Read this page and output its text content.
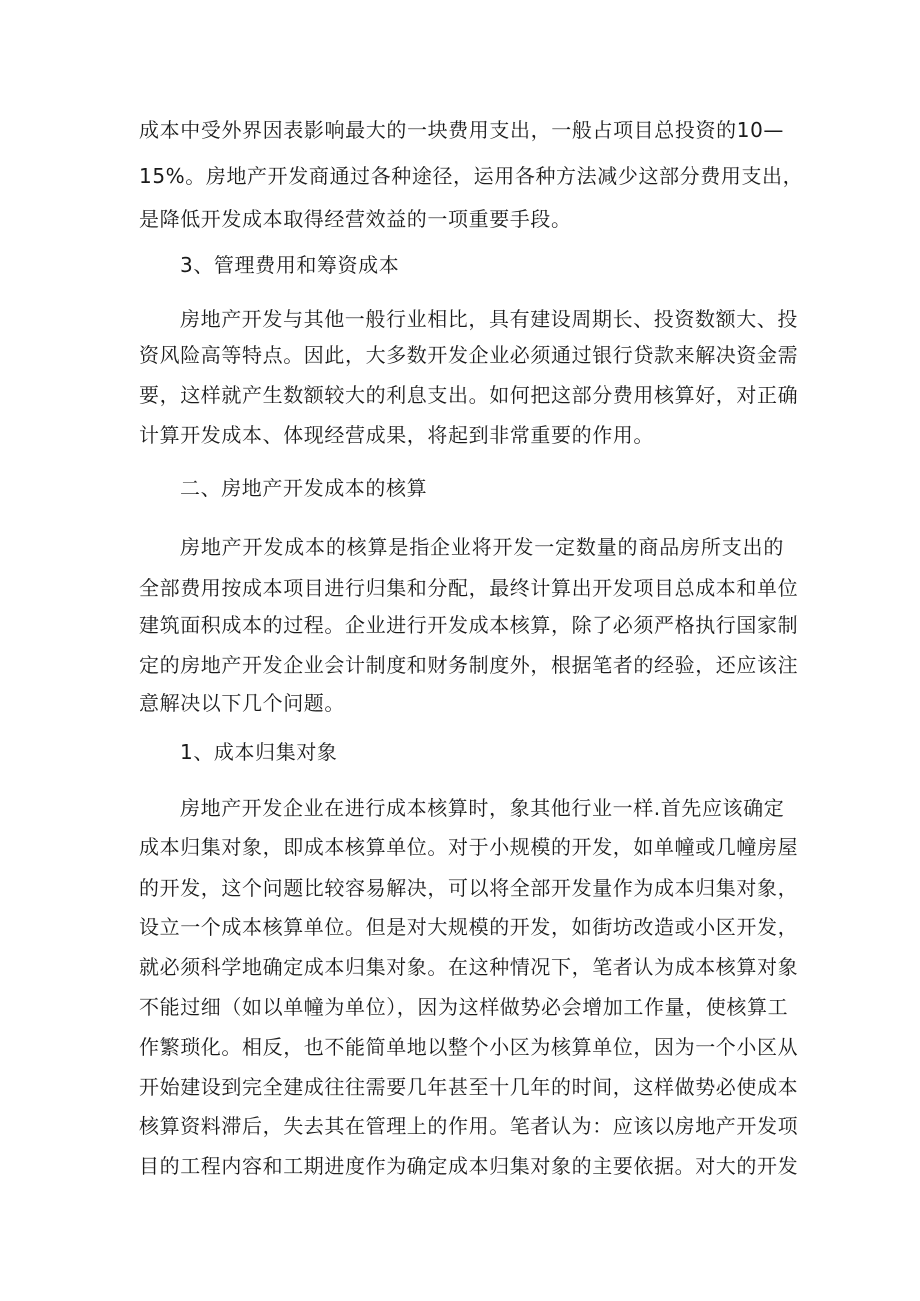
成本中受外界因表影响最大的一块费用支出，一般占项目总投资的10—
15%。房地产开发商通过各种途径，运用各种方法减少这部分费用支出，
是降低开发成本取得经营效益的一项重要手段。
3、管理费用和筹资成本
房地产开发与其他一般行业相比，具有建设周期长、投资数额大、投
资风险高等特点。因此，大多数开发企业必须通过银行贷款来解决资金需
要，这样就产生数额较大的利息支出。如何把这部分费用核算好，对正确
计算开发成本、体现经营成果，将起到非常重要的作用。
二、房地产开发成本的核算
房地产开发成本的核算是指企业将开发一定数量的商品房所支出的
全部费用按成本项目进行归集和分配，最终计算出开发项目总成本和单位
建筑面积成本的过程。企业进行开发成本核算，除了必须严格执行国家制
定的房地产开发企业会计制度和财务制度外，根据笔者的经验，还应该注
意解决以下几个问题。
1、成本归集对象
房地产开发企业在进行成本核算时，象其他行业一样.首先应该确定
成本归集对象，即成本核算单位。对于小规模的开发，如单幢或几幢房屋
的开发，这个问题比较容易解决，可以将全部开发量作为成本归集对象，
设立一个成本核算单位。但是对大规模的开发，如街坊改造或小区开发，
就必须科学地确定成本归集对象。在这种情况下，笔者认为成本核算对象
不能过细（如以单幢为单位），因为这样做势必会增加工作量，使核算工
作繁琐化。相反，也不能简单地以整个小区为核算单位，因为一个小区从
开始建设到完全建成往往需要几年甚至十几年的时间，这样做势必使成本
核算资料滞后，失去其在管理上的作用。笔者认为：应该以房地产开发项
目的工程内容和工期进度作为确定成本归集对象的主要依据。对大的开发
